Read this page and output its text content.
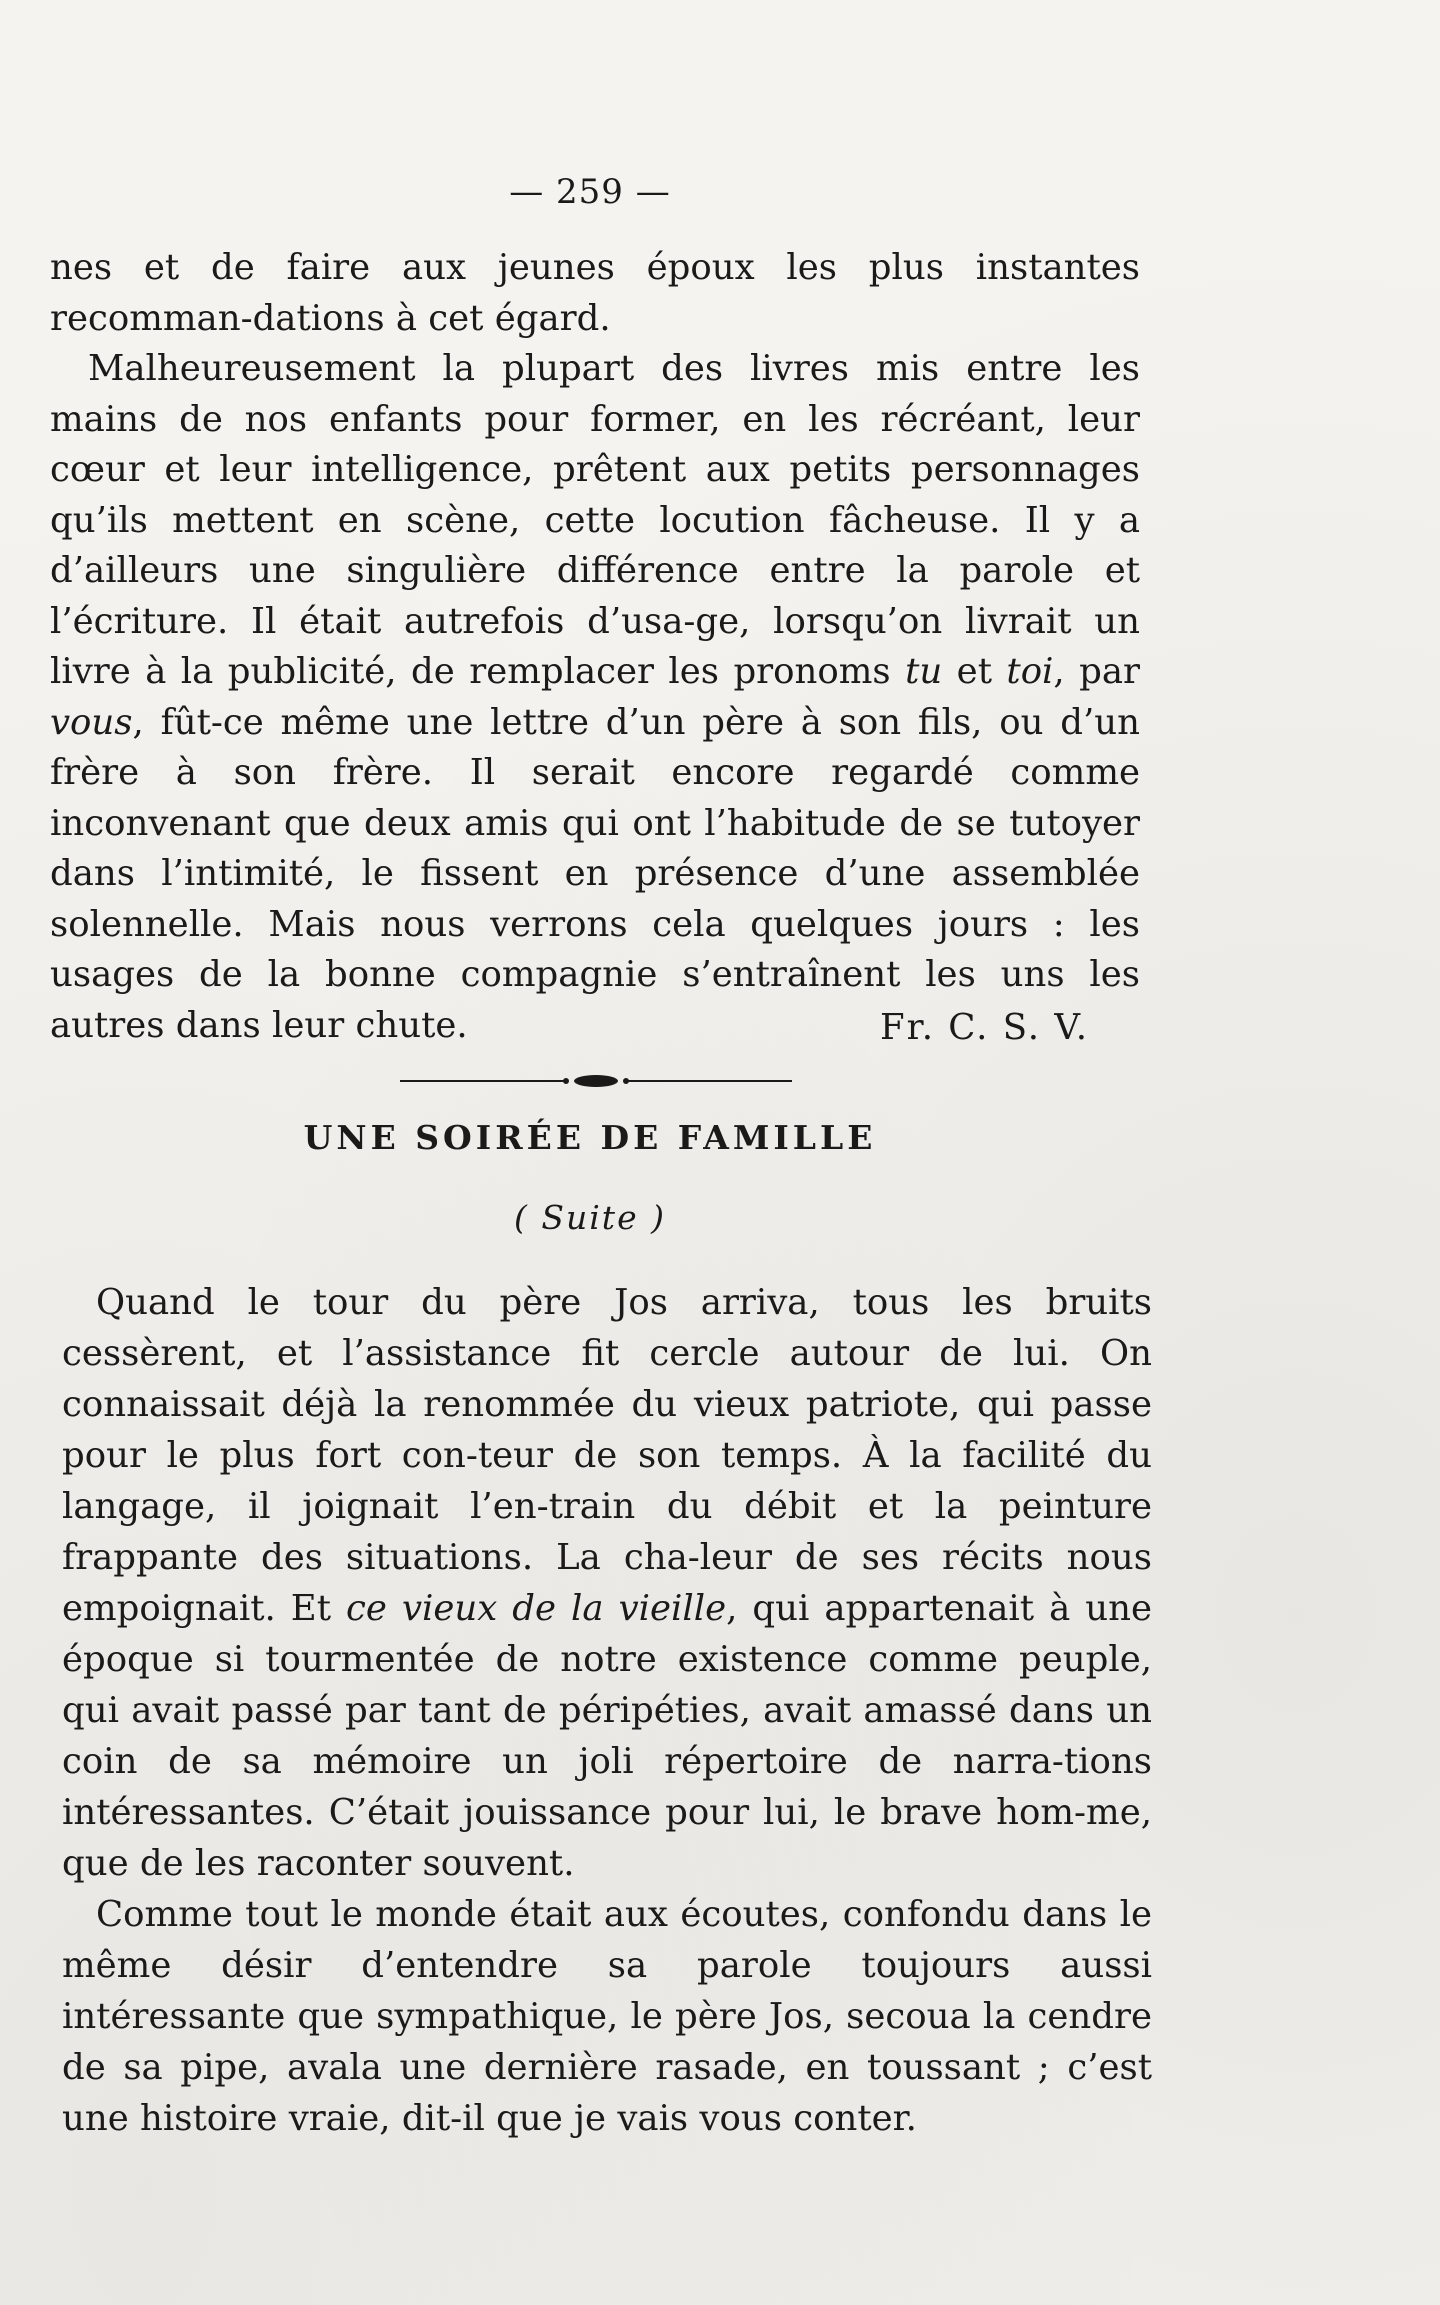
— 259 —

nes et de faire aux jeunes époux les plus instantes recomman-dations à cet égard.

Malheureusement la plupart des livres mis entre les mains de nos enfants pour former, en les récréant, leur cœur et leur intelligence, prêtent aux petits personnages qu’ils mettent en scène, cette locution fâcheuse. Il y a d’ailleurs une singulière différence entre la parole et l’écriture. Il était autrefois d’usa-ge, lorsqu’on livrait un livre à la publicité, de remplacer les pronoms tu et toi, par vous, fût-ce même une lettre d’un père à son fils, ou d’un frère à son frère. Il serait encore regardé comme inconvenant que deux amis qui ont l’habitude de se tutoyer dans l’intimité, le fissent en présence d’une assemblée solennelle. Mais nous verrons cela quelques jours : les usages de la bonne compagnie s’entraînent les uns les autres dans leur chute.	Fr. C. S. V.
UNE SOIRÉE DE FAMILLE
( Suite )

Quand le tour du père Jos arriva, tous les bruits cessèrent, et l’assistance fit cercle autour de lui. On connaissait déjà la renommée du vieux patriote, qui passe pour le plus fort con-teur de son temps. À la facilité du langage, il joignait l’en-train du débit et la peinture frappante des situations. La cha-leur de ses récits nous empoignait. Et ce vieux de la vieille, qui appartenait à une époque si tourmentée de notre existence comme peuple, qui avait passé par tant de péripéties, avait amassé dans un coin de sa mémoire un joli répertoire de narra-tions intéressantes. C’était jouissance pour lui, le brave hom-me, que de les raconter souvent.

Comme tout le monde était aux écoutes, confondu dans le même désir d’entendre sa parole toujours aussi intéressante que sympathique, le père Jos, secoua la cendre de sa pipe, avala une dernière rasade, en toussant ; c’est une histoire vraie, dit-il que je vais vous conter.
